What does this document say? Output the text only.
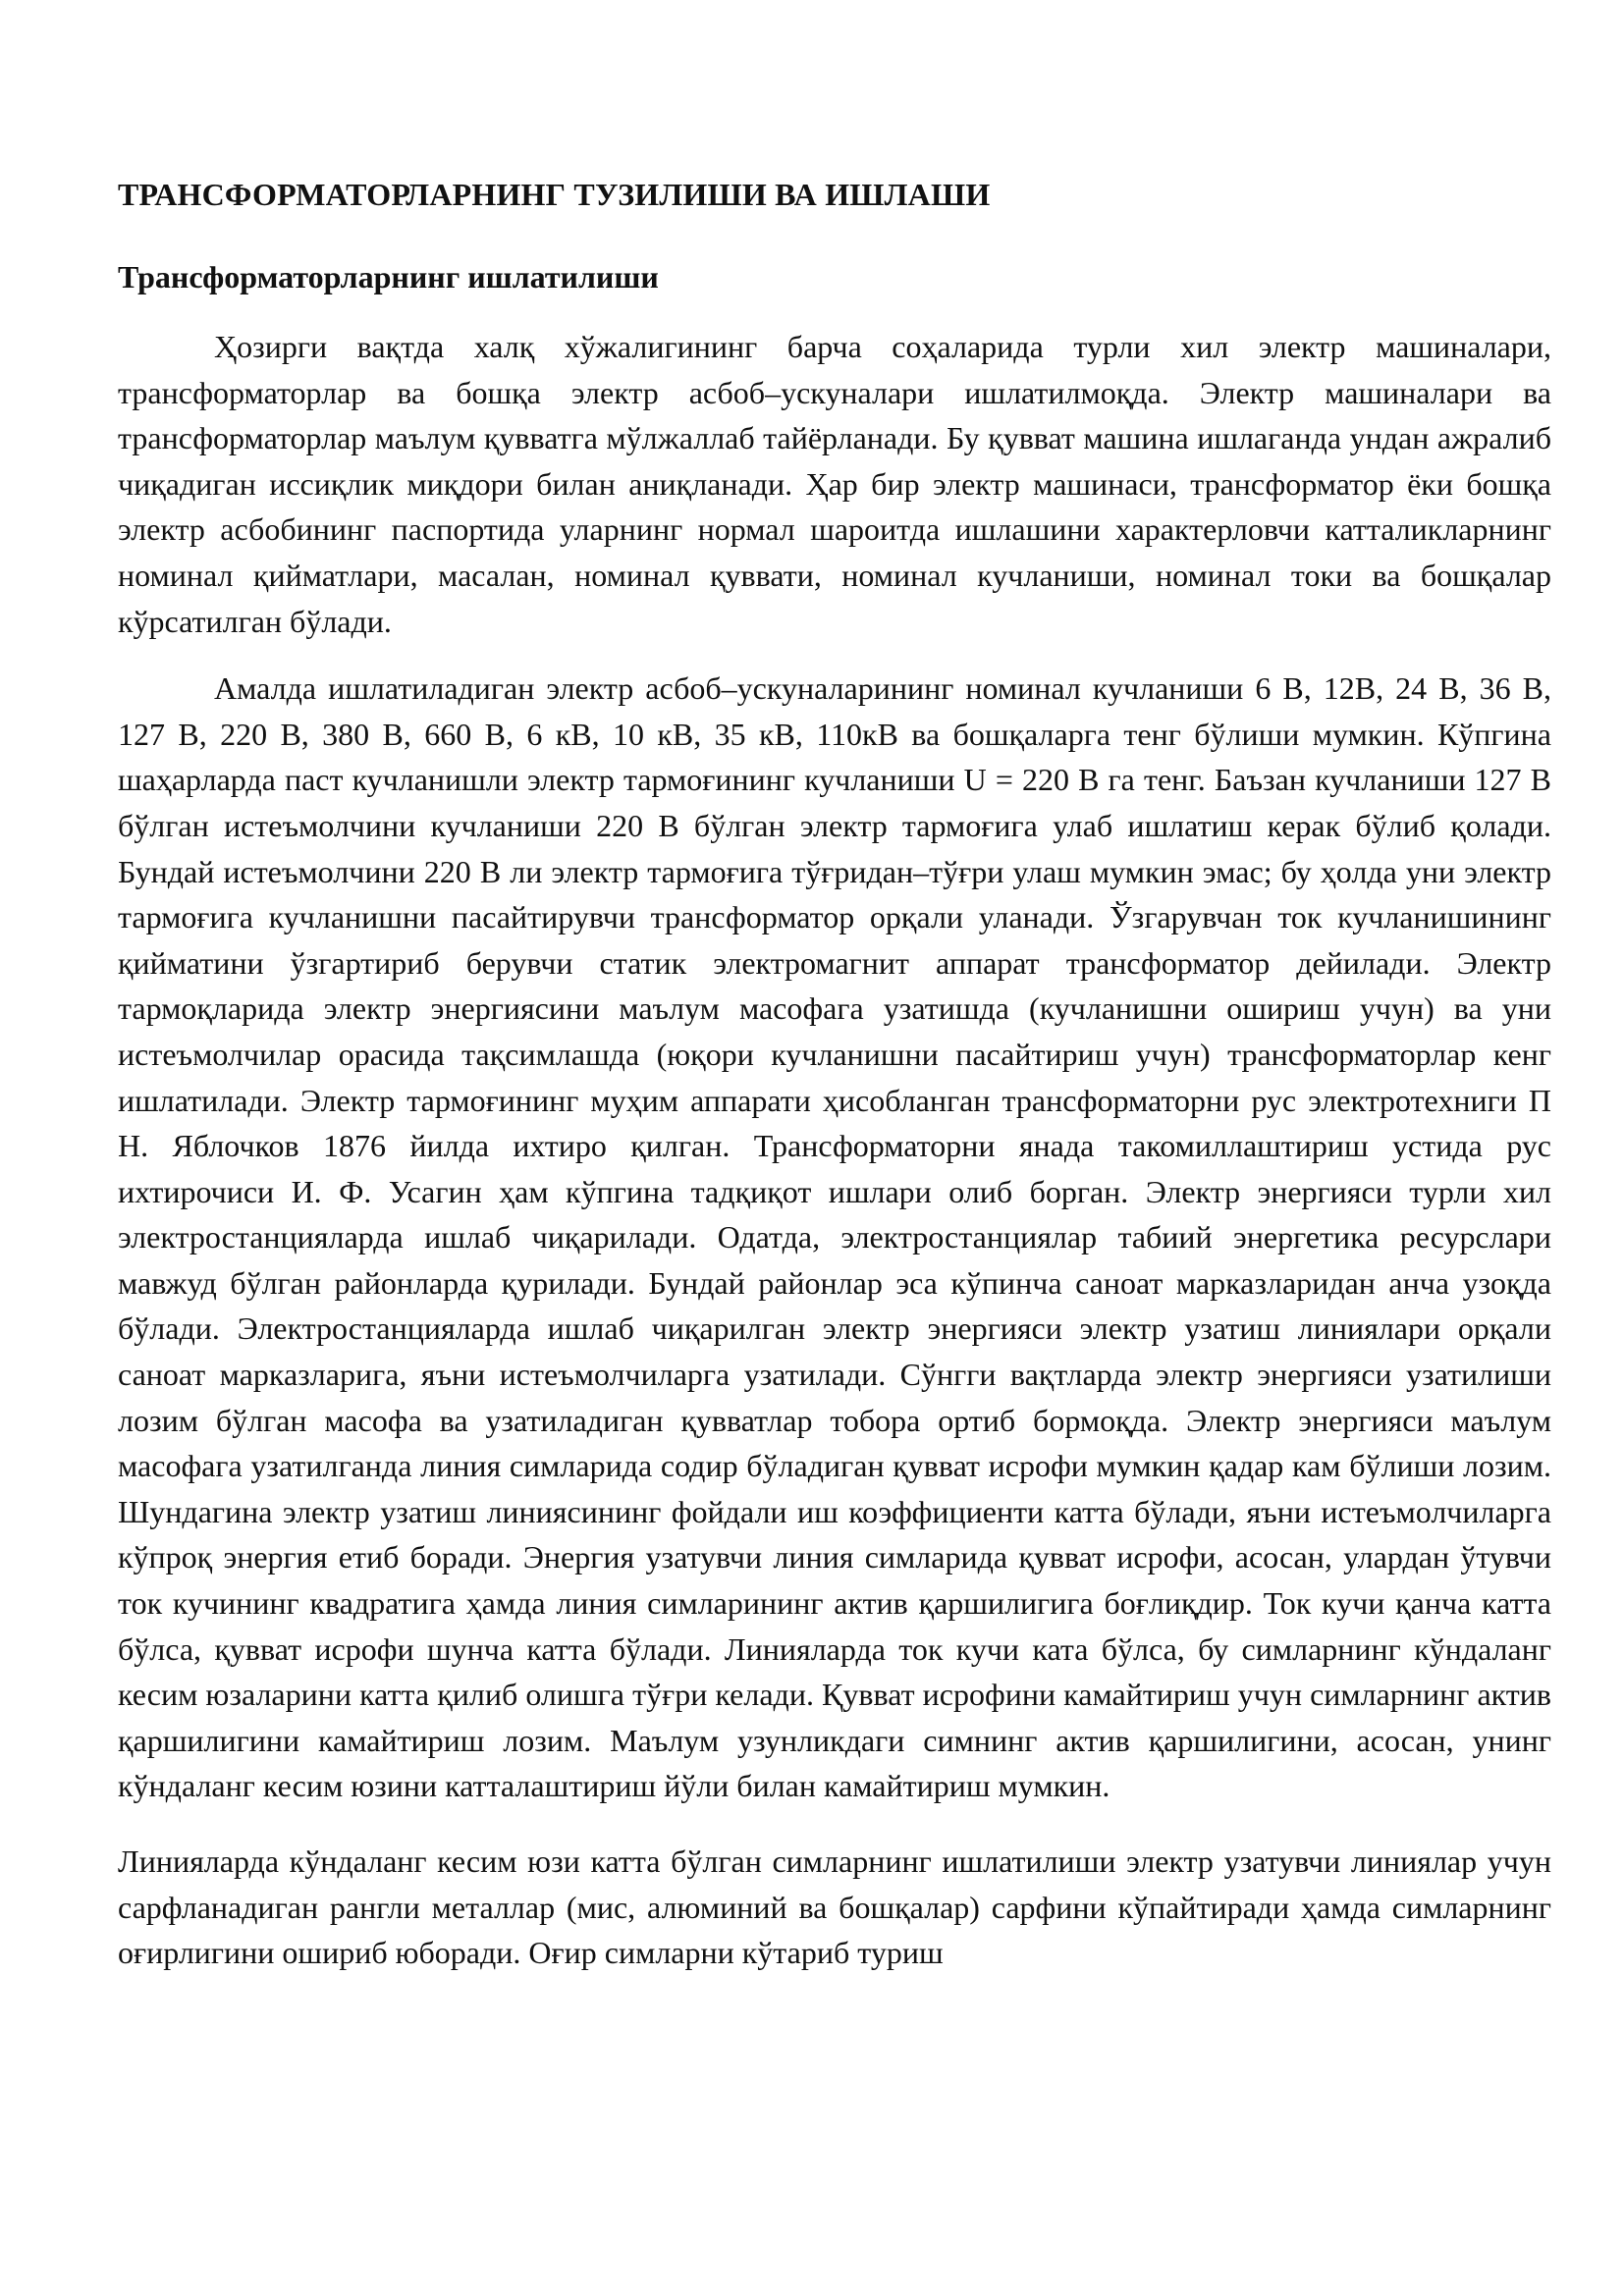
ТРАНСФОРМАТОРЛАРНИНГ ТУЗИЛИШИ ВА ИШЛАШИ
Трансформаторларнинг ишлатилиши

Ҳозирги вақтда халқ хўжалигининг барча соҳаларида турли хил электр машиналари, трансформаторлар ва бошқа электр асбоб–ускуналари ишлатилмоқда. Электр машиналари ва трансформаторлар маълум қувватга мўлжаллаб тайёрланади. Бу қувват машина ишлаганда ундан ажралиб чиқадиган иссиқлик миқдори билан аниқланади. Ҳар бир электр машинаси, трансформатор ёки бошқа электр асбобининг паспортида уларнинг нормал шароитда ишлашини характерловчи катталикларнинг номинал қийматлари, масалан, номинал қуввати, номинал кучланиши, номинал токи ва бошқалар кўрсатилган бўлади.

Амалда ишлатиладиган электр асбоб–ускуналарининг номинал кучланиши 6 В, 12В, 24 В, 36 В, 127 В, 220 В, 380 В, 660 В, 6 кВ, 10 кВ, 35 кВ, 110кВ ва бошқаларга тенг бўлиши мумкин. Кўпгина шаҳарларда паст кучланишли электр тармоғининг кучланиши U = 220 В га тенг. Баъзан кучланиши 127 В бўлган истеъмолчини кучланиши 220 В бўлган электр тармоғига улаб ишлатиш керак бўлиб қолади. Бундай истеъмолчини 220 В ли электр тармоғига тўғридан–тўғри улаш мумкин эмас; бу ҳолда уни электр тармоғига кучланишни пасайтирувчи трансформатор орқали уланади. Ўзгарувчан ток кучланишининг қийматини ўзгартириб берувчи статик электромагнит аппарат трансформатор дейилади. Электр тармоқларида электр энергиясини маълум масофага узатишда (кучланишни ошириш учун) ва уни истеъмолчилар орасида тақсимлашда (юқори кучланишни пасайтириш учун) трансформаторлар кенг ишлатилади. Электр тармоғининг муҳим аппарати ҳисобланган трансформаторни рус электротехниги П Н. Яблочков 1876 йилда ихтиро қилган. Трансформаторни янада такомиллаштириш устида рус ихтирочиси И. Ф. Усагин ҳам кўпгина тадқиқот ишлари олиб борган. Электр энергияси турли хил электростанцияларда ишлаб чиқарилади. Одатда, электростанциялар табиий энергетика ресурслари мавжуд бўлган районларда қурилади. Бундай районлар эса кўпинча саноат марказларидан анча узоқда бўлади. Электростанцияларда ишлаб чиқарилган электр энергияси электр узатиш линиялари орқали саноат марказларига, яъни истеъмолчиларга узатилади. Сўнгги вақтларда электр энергияси узатилиши лозим бўлган масофа ва узатиладиган қувватлар тобора ортиб бормоқда. Электр энергияси маълум масофага узатилганда линия симларида содир бўладиган қувват исрофи мумкин қадар кам бўлиши лозим. Шундагина электр узатиш линиясининг фойдали иш коэффициенти катта бўлади, яъни истеъмолчиларга кўпроқ энергия етиб боради. Энергия узатувчи линия симларида қувват исрофи, асосан, улардан ўтувчи ток кучининг квадратига ҳамда линия симларининг актив қаршилигига боғлиқдир. Ток кучи қанча катта бўлса, қувват исрофи шунча катта бўлади. Линияларда ток кучи ката бўлса, бу симларнинг кўндаланг кесим юзаларини катта қилиб олишга тўғри келади. Қувват исрофини камайтириш учун симларнинг актив қаршилигини камайтириш лозим. Маълум узунликдаги симнинг актив қаршилигини, асосан, унинг кўндаланг кесим юзини катталаштириш йўли билан камайтириш мумкин.

Линияларда кўндаланг кесим юзи катта бўлган симларнинг ишлатилиши электр узатувчи линиялар учун сарфланадиган рангли металлар (мис, алюминий ва бошқалар) сарфини кўпайтиради ҳамда симларнинг оғирлигини ошириб юборади. Оғир симларни кўтариб туриш
